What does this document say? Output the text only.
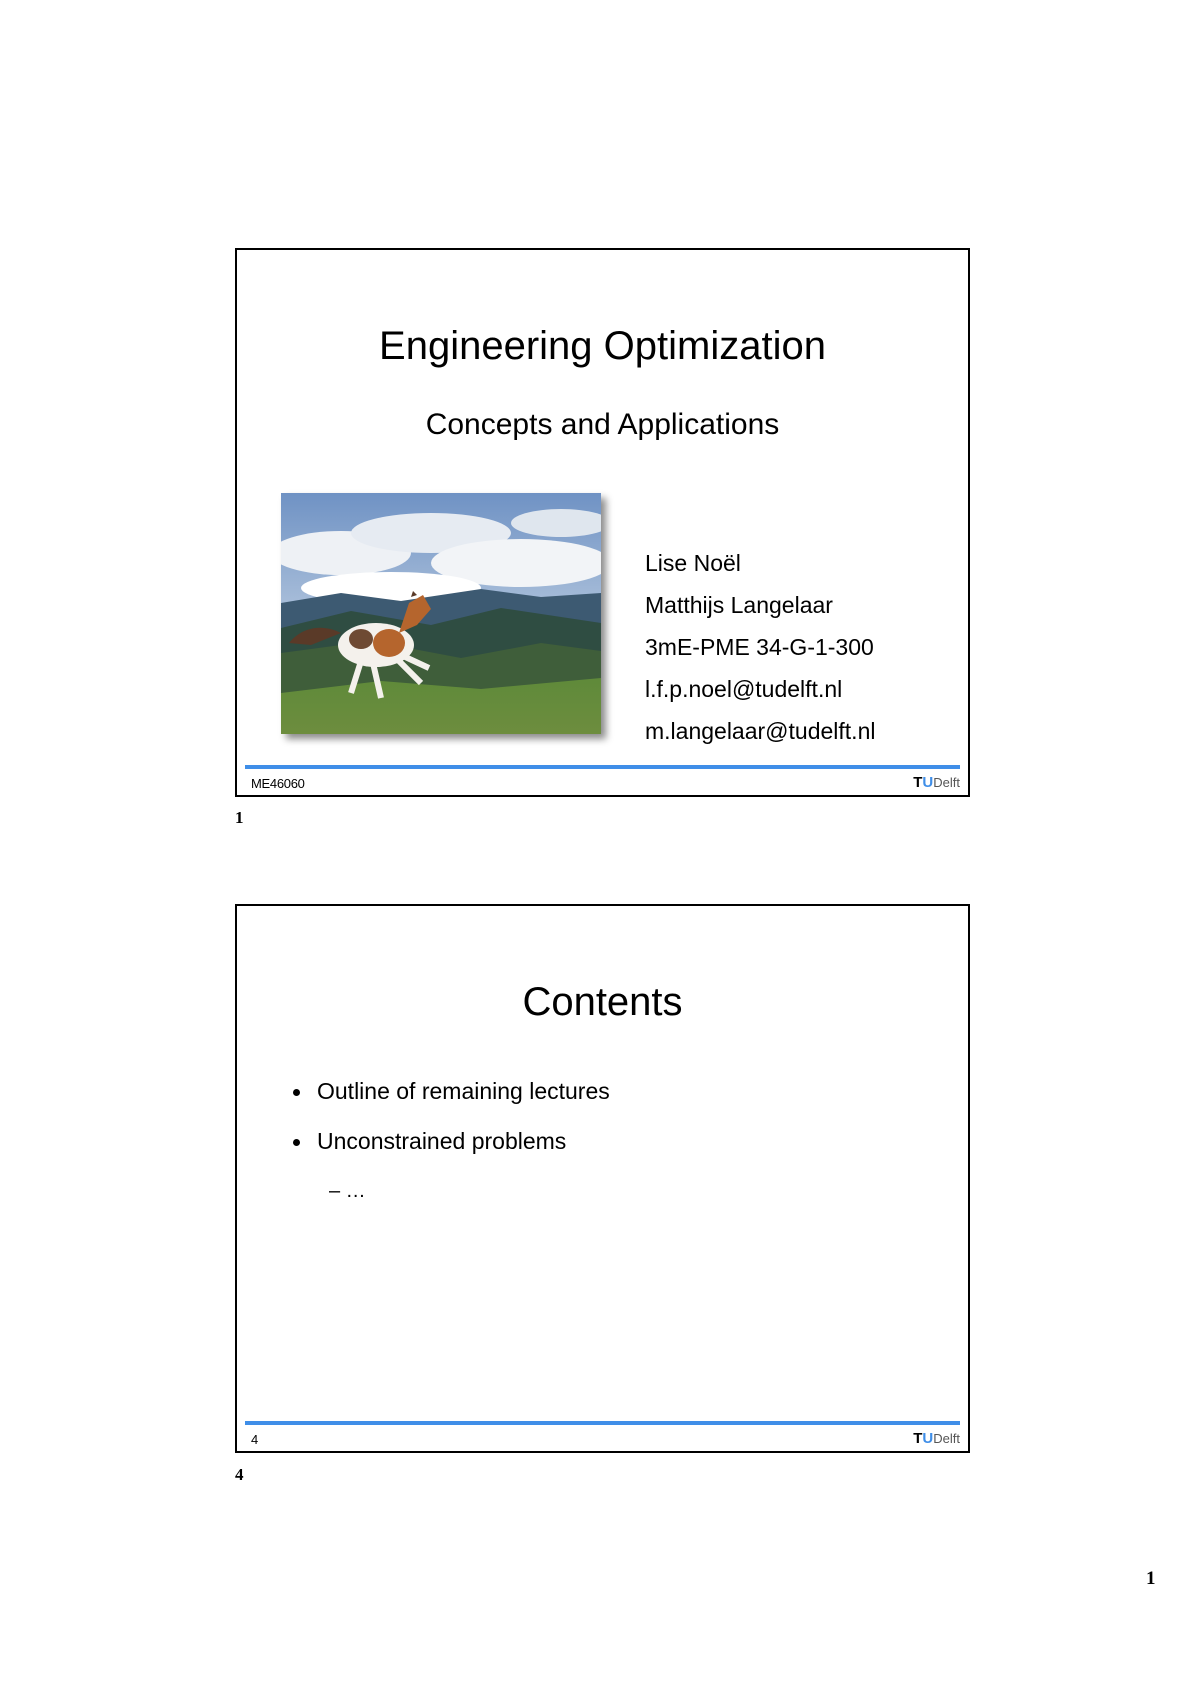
Engineering Optimization
Concepts and Applications
Lise Noël
Matthijs Langelaar
3mE-PME 34-G-1-300
l.f.p.noel@tudelft.nl
m.langelaar@tudelft.nl
ME46060	T U Delft
1
Contents
Outline of remaining lectures
Unconstrained problems
– …
4	T U Delft
4
1
